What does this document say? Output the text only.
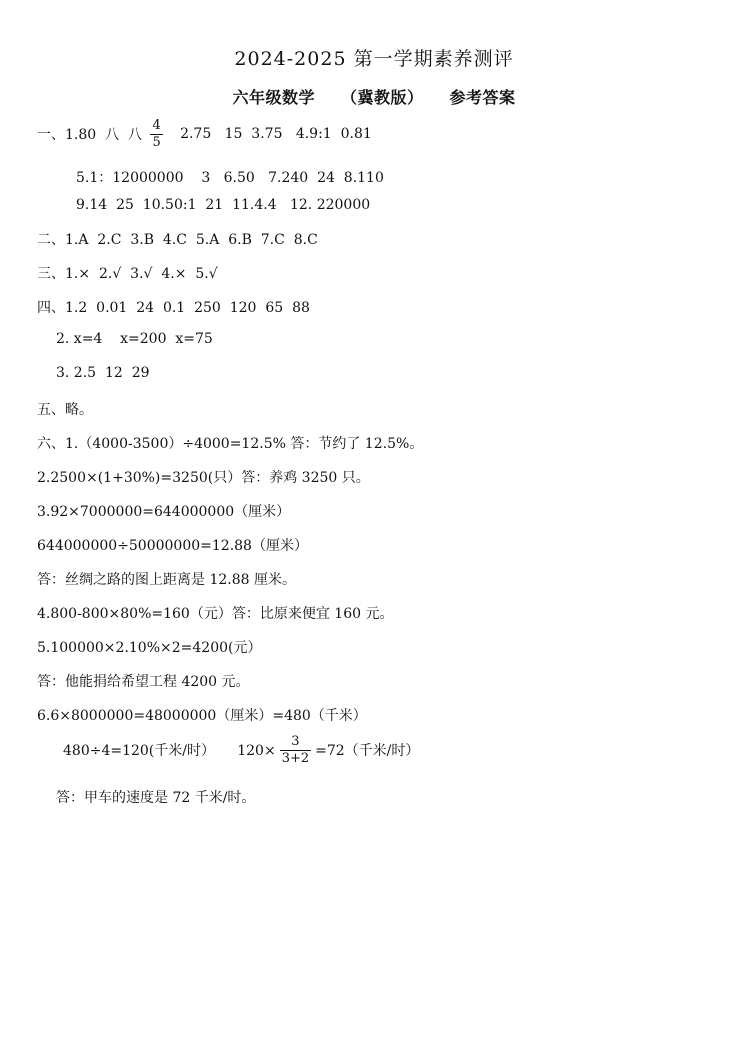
2024-2025 第一学期素养测评
六年级数学 （冀教版） 参考答案
一、1.80  八  八 $\frac{4}{5} 2.75$   15  3.75   4.9:1  0.81
5.1：12000000    3   6.50   7.240  24  8.110
9.14  25  10.50:1  21  11.4.4   12. 220000
二、1.A  2.C  3.B  4.C  5.A  6.B  7.C  8.C
三、1.×  2.√  3.√  4.×  5.√
四、1.2  0.01  24  0.1  250  120  65  88
2. x=4    x=200  x=75
3. 2.5  12  29
五、略。
六、1.（4000-3500）÷4000=12.5% 答：节约了 12.5%。
2.2500×(1+30%)=3250(只）答：养鸡 3250 只。
3.92×7000000=644000000（厘米）
644000000÷50000000=12.88（厘米）
答：丝绸之路的图上距离是 12.88 厘米。
4.800-800×80%=160（元）答：比原来便宜 160 元。
5.100000×2.10%×2=4200(元）
答：他能捐给希望工程 4200 元。
6.6×8000000=48000000（厘米）=480（千米）
480÷4=120(千米/时）     $120\times \frac{3}{3+2} =72$（千米/时）
答：甲车的速度是 72 千米/时。
